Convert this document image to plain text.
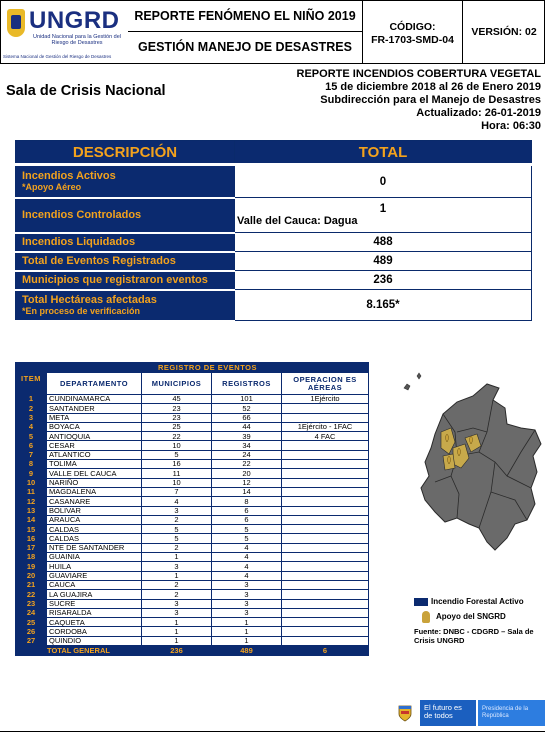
UNGRD
Unidad Nacional para la Gestión del Riesgo de Desastres
Sistema Nacional de Gestión del Riesgo de Desastres
REPORTE FENÓMENO EL NIÑO 2019
GESTIÓN MANEJO DE DESASTRES
CÓDIGO:
FR-1703-SMD-04
VERSIÓN: 02
Sala de Crisis Nacional
REPORTE INCENDIOS COBERTURA VEGETAL
15 de diciembre 2018 al 26 de Enero 2019
Subdirección para el Manejo de Desastres
Actualizado: 26-01-2019
Hora: 06:30
DESCRIPCIÓN	TOTAL
Incendios Activos
*Apoyo Aéreo	0
Incendios Controlados	1
Valle del Cauca: Dagua

Incendios Liquidados	488
Total de Eventos Registrados	489
Municipios que registraron eventos	236
Total Hectáreas afectadas
*En proceso de verificación	8.165*
ITEM	REGISTRO DE EVENTOS			
	DEPARTAMENTO	MUNICIPIOS	REGISTROS	OPERACION ES AÉREAS
1	CUNDINAMARCA	45	101	1Ejército
2	SANTANDER	23	52	
3	META	23	66	
4	BOYACA	25	44	1Ejército - 1FAC
5	ANTIOQUIA	22	39	4 FAC
6	CESAR	10	34	
7	ATLANTICO	5	24	
8	TOLIMA	16	22	
9	VALLE DEL CAUCA	11	20	
10	NARIÑO	10	12	
11	MAGDALENA	7	14	
12	CASANARE	4	8	
13	BOLIVAR	3	6	
14	ARAUCA	2	6	
15	CALDAS	5	5	
16	CALDAS	5	5	
17	NTE DE SANTANDER	2	4	
18	GUAINIA	1	4	
19	HUILA	3	4	
20	GUAVIARE	1	4	
21	CAUCA	2	3	
22	LA GUAJIRA	2	3	
23	SUCRE	3	3	
24	RISARALDA	3	3	
25	CAQUETA	1	1	
26	CORDOBA	1	1	
27	QUINDIO	1	1	
TOTAL GENERAL		236	489	6
Incendio Forestal Activo
Apoyo del SNGRD
Fuente: DNBC - CDGRD – Sala de Crisis UNGRD
El futuro es de todos
Presidencia de la República
